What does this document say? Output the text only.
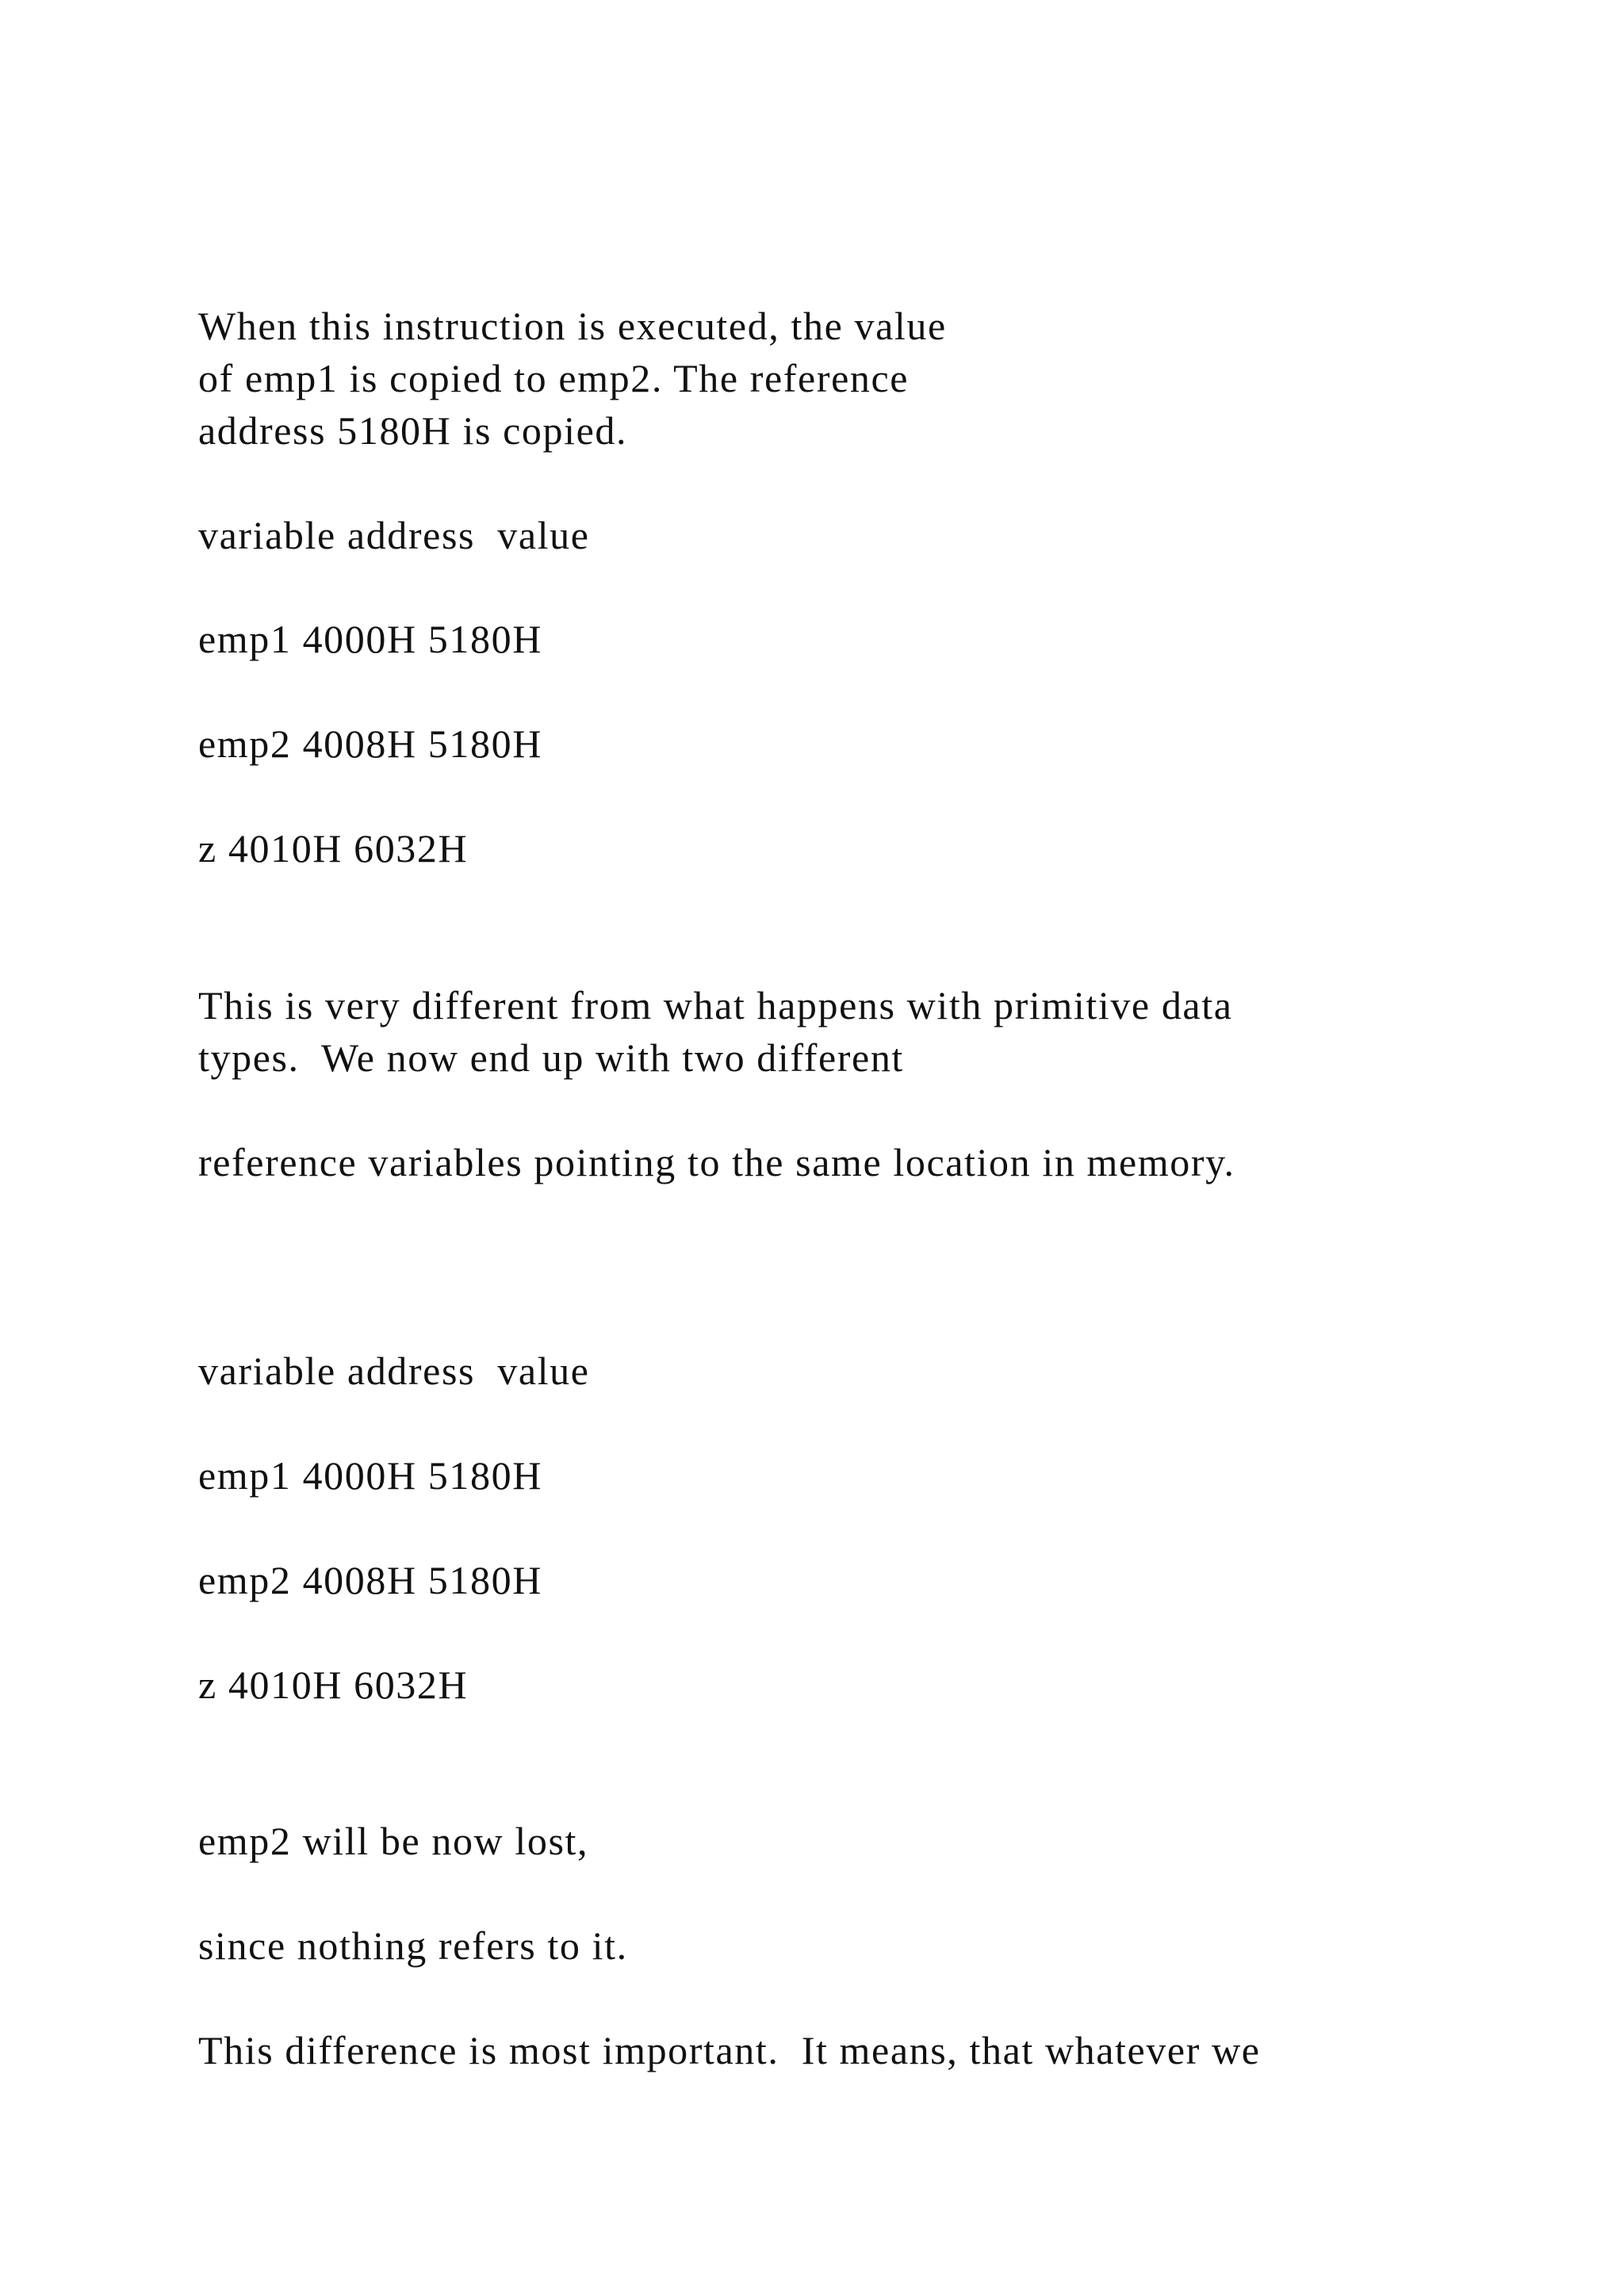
When this instruction is executed, the value

of emp1 is copied to emp2. The reference

address 5180H is copied.

variable address  value

emp1 4000H 5180H

emp2 4008H 5180H

z 4010H 6032H

This is very different from what happens with primitive data

types.  We now end up with two different

reference variables pointing to the same location in memory.

variable address  value

emp1 4000H 5180H

emp2 4008H 5180H

z 4010H 6032H

emp2 will be now lost,

since nothing refers to it.

This difference is most important.  It means, that whatever we
